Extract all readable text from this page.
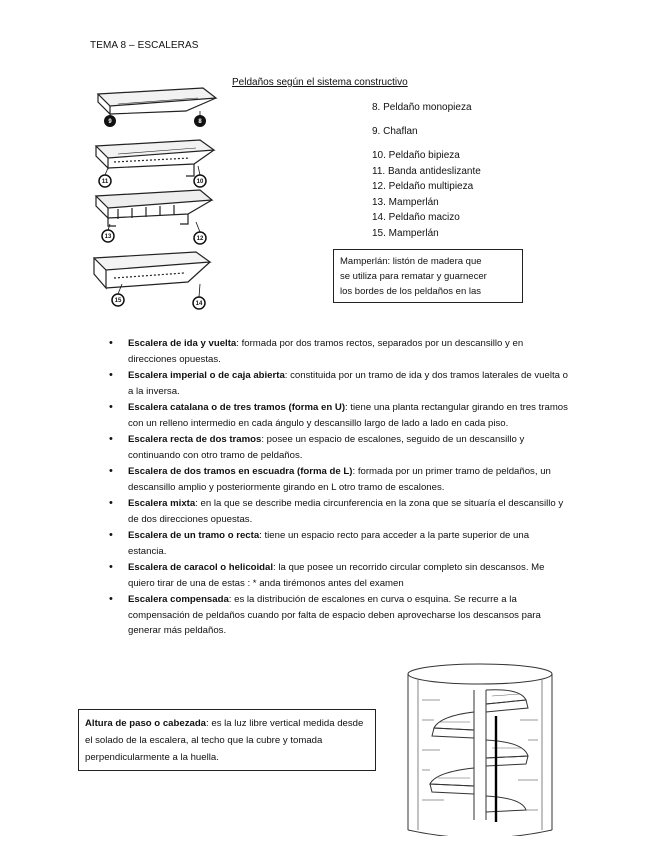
TEMA 8 – ESCALERAS
Peldaños según el sistema constructivo
9	8
11	10
13	12
15	14
8. Peldaño monopieza
9. Chaflan
10. Peldaño bipieza
11. Banda antideslizante
12. Peldaño multipieza
13. Mamperlán
14. Peldaño macizo
15. Mamperlán
Mamperlán: listón de madera que
se utiliza para rematar y guarnecer
los bordes de los peldaños en las
• Escalera de ida y vuelta: formada por dos tramos rectos, separados por un descansillo y en direcciones opuestas.
• Escalera imperial o de caja abierta: constituida por un tramo de ida y dos tramos laterales de vuelta o a la inversa.
• Escalera catalana o de tres tramos (forma en U): tiene una planta rectangular girando en tres tramos con un relleno intermedio en cada ángulo y descansillo largo de lado a lado en cada piso.
• Escalera recta de dos tramos: posee un espacio de escalones, seguido de un descansillo y continuando con otro tramo de peldaños.
• Escalera de dos tramos en escuadra (forma de L): formada por un primer tramo de peldaños, un descansillo amplio y posteriormente girando en L otro tramo de escalones.
• Escalera mixta: en la que se describe media circunferencia en la zona que se situaría el descansillo y de dos direcciones opuestas.
• Escalera de un tramo o recta: tiene un espacio recto para acceder a la parte superior de una estancia.
• Escalera de caracol o helicoidal: la que posee un recorrido circular completo sin descansos. Me quiero tirar de una de estas : * anda tirémonos antes del examen
• Escalera compensada: es la distribución de escalones en curva o esquina. Se recurre a la compensación de peldaños cuando por falta de espacio deben aprovecharse los descansos para generar más peldaños.
Altura de paso o cabezada: es la luz libre vertical medida desde el solado de la escalera, al techo que la cubre y tomada perpendicularmente a la huella.
